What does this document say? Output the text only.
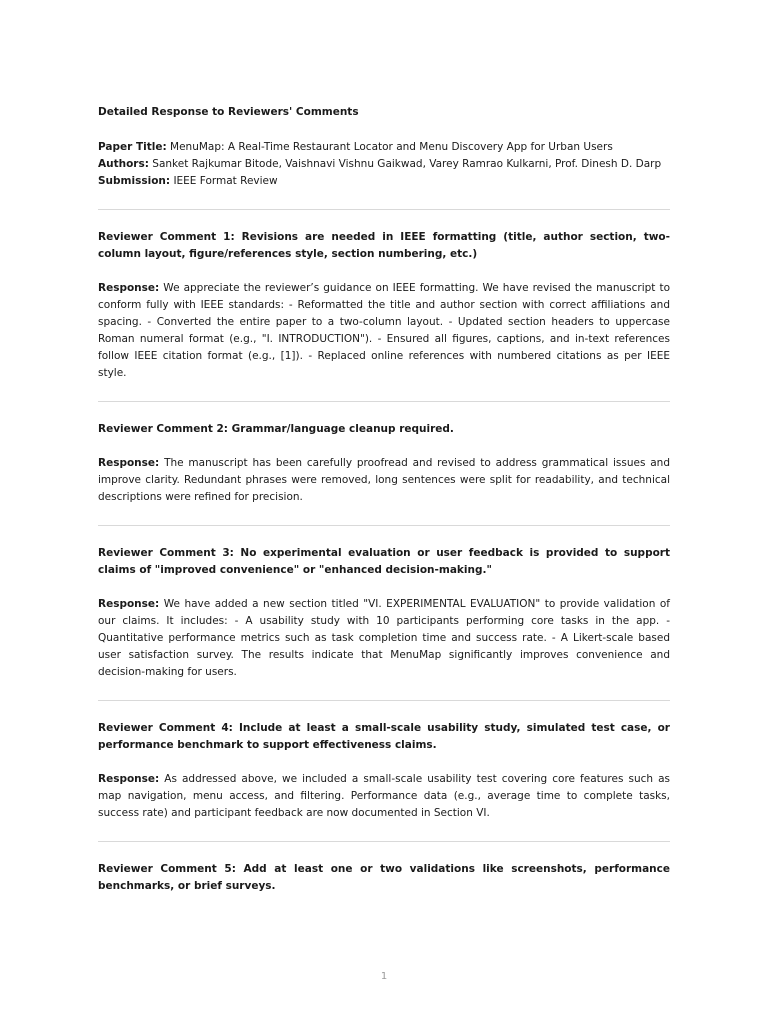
Detailed Response to Reviewers' Comments

Paper Title: MenuMap: A Real-Time Restaurant Locator and Menu Discovery App for Urban Users

Authors: Sanket Rajkumar Bitode, Vaishnavi Vishnu Gaikwad, Varey Ramrao Kulkarni, Prof. Dinesh D. Darp

Submission: IEEE Format Review

Reviewer Comment 1: Revisions are needed in IEEE formatting (title, author section, two-column layout, figure/references style, section numbering, etc.)

Response: We appreciate the reviewer’s guidance on IEEE formatting. We have revised the manuscript to conform fully with IEEE standards: - Reformatted the title and author section with correct affiliations and spacing. - Converted the entire paper to a two-column layout. - Updated section headers to uppercase Roman numeral format (e.g., "I. INTRODUCTION"). - Ensured all figures, captions, and in-text references follow IEEE citation format (e.g., [1]). - Replaced online references with numbered citations as per IEEE style.

Reviewer Comment 2: Grammar/language cleanup required.

Response: The manuscript has been carefully proofread and revised to address grammatical issues and improve clarity. Redundant phrases were removed, long sentences were split for readability, and technical descriptions were refined for precision.

Reviewer Comment 3: No experimental evaluation or user feedback is provided to support claims of "improved convenience" or "enhanced decision-making."

Response: We have added a new section titled "VI. EXPERIMENTAL EVALUATION" to provide validation of our claims. It includes: - A usability study with 10 participants performing core tasks in the app. - Quantitative performance metrics such as task completion time and success rate. - A Likert-scale based user satisfaction survey. The results indicate that MenuMap significantly improves convenience and decision-making for users.

Reviewer Comment 4: Include at least a small-scale usability study, simulated test case, or performance benchmark to support effectiveness claims.

Response: As addressed above, we included a small-scale usability test covering core features such as map navigation, menu access, and filtering. Performance data (e.g., average time to complete tasks, success rate) and participant feedback are now documented in Section VI.

Reviewer Comment 5: Add at least one or two validations like screenshots, performance benchmarks, or brief surveys.

1
